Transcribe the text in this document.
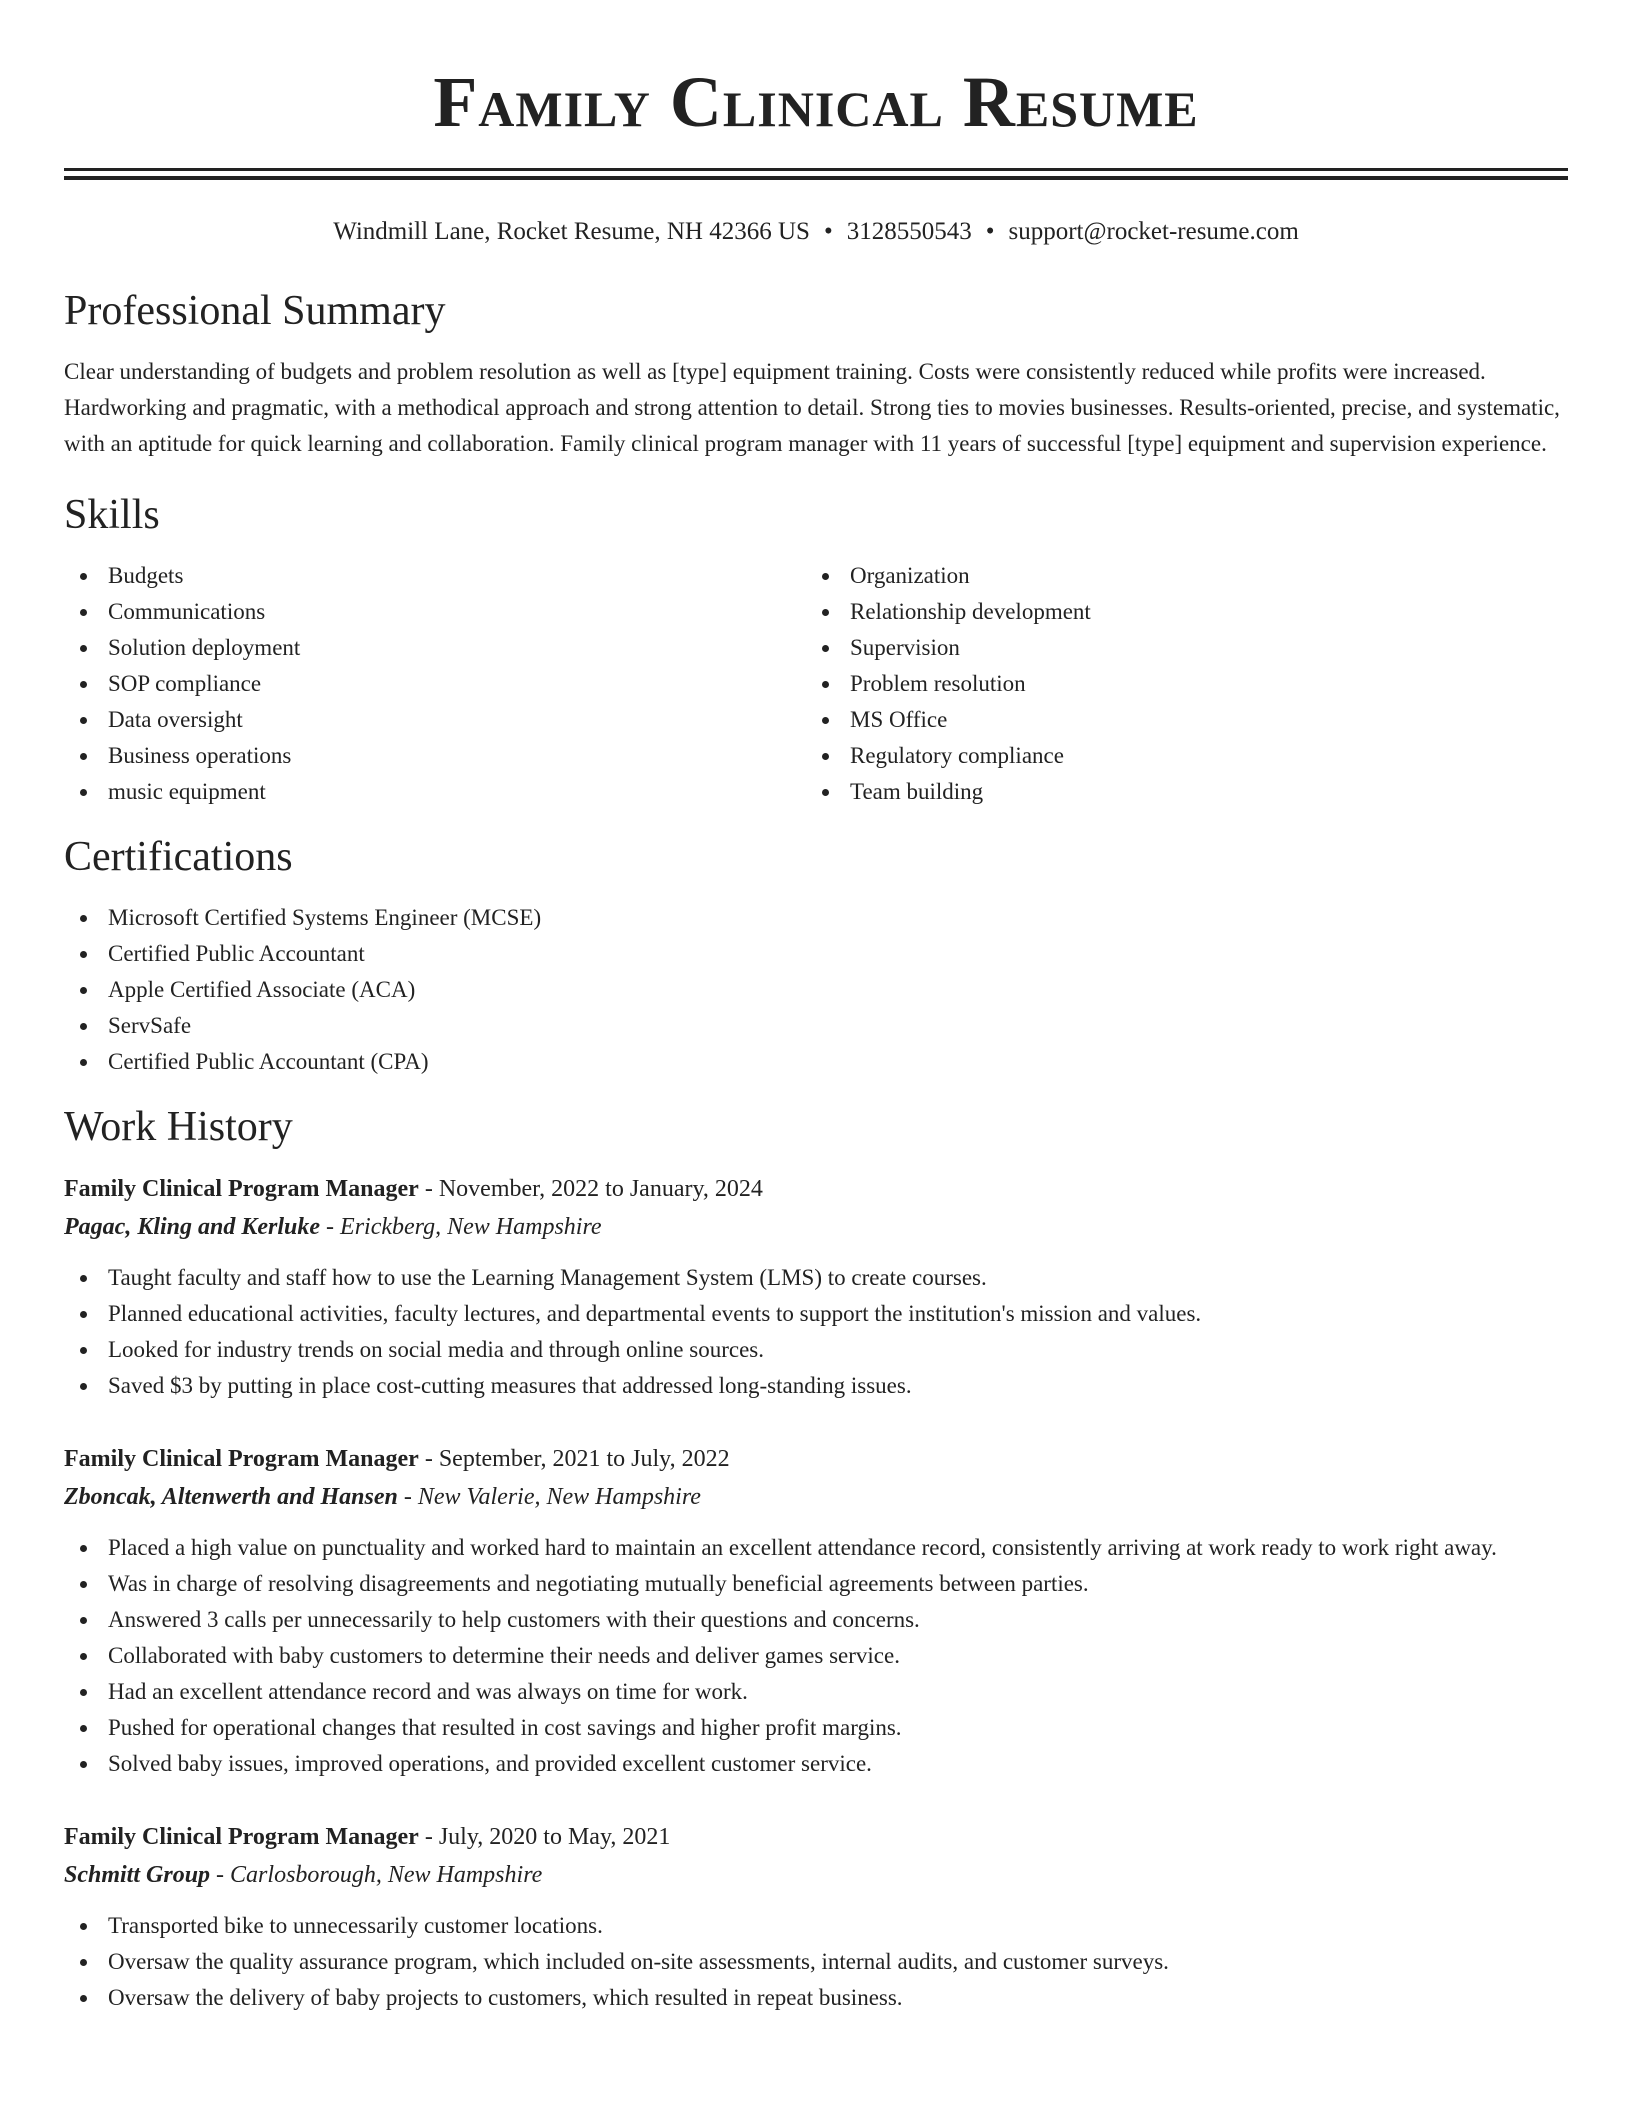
Family Clinical Resume
Windmill Lane, Rocket Resume, NH 42366 US • 3128550543 • support@rocket-resume.com
Professional Summary

Clear understanding of budgets and problem resolution as well as [type] equipment training. Costs were consistently reduced while profits were increased. Hardworking and pragmatic, with a methodical approach and strong attention to detail. Strong ties to movies businesses. Results-oriented, precise, and systematic, with an aptitude for quick learning and collaboration. Family clinical program manager with 11 years of successful [type] equipment and supervision experience.

Skills
Budgets
Communications
Solution deployment
SOP compliance
Data oversight
Business operations
music equipment
Organization
Relationship development
Supervision
Problem resolution
MS Office
Regulatory compliance
Team building
Certifications
Microsoft Certified Systems Engineer (MCSE)
Certified Public Accountant
Apple Certified Associate (ACA)
ServSafe
Certified Public Accountant (CPA)
Work History
Family Clinical Program Manager - November, 2022 to January, 2024
Pagac, Kling and Kerluke - Erickberg, New Hampshire
Taught faculty and staff how to use the Learning Management System (LMS) to create courses.
Planned educational activities, faculty lectures, and departmental events to support the institution's mission and values.
Looked for industry trends on social media and through online sources.
Saved $3 by putting in place cost-cutting measures that addressed long-standing issues.
Family Clinical Program Manager - September, 2021 to July, 2022
Zboncak, Altenwerth and Hansen - New Valerie, New Hampshire
Placed a high value on punctuality and worked hard to maintain an excellent attendance record, consistently arriving at work ready to work right away.
Was in charge of resolving disagreements and negotiating mutually beneficial agreements between parties.
Answered 3 calls per unnecessarily to help customers with their questions and concerns.
Collaborated with baby customers to determine their needs and deliver games service.
Had an excellent attendance record and was always on time for work.
Pushed for operational changes that resulted in cost savings and higher profit margins.
Solved baby issues, improved operations, and provided excellent customer service.
Family Clinical Program Manager - July, 2020 to May, 2021
Schmitt Group - Carlosborough, New Hampshire
Transported bike to unnecessarily customer locations.
Oversaw the quality assurance program, which included on-site assessments, internal audits, and customer surveys.
Oversaw the delivery of baby projects to customers, which resulted in repeat business.
